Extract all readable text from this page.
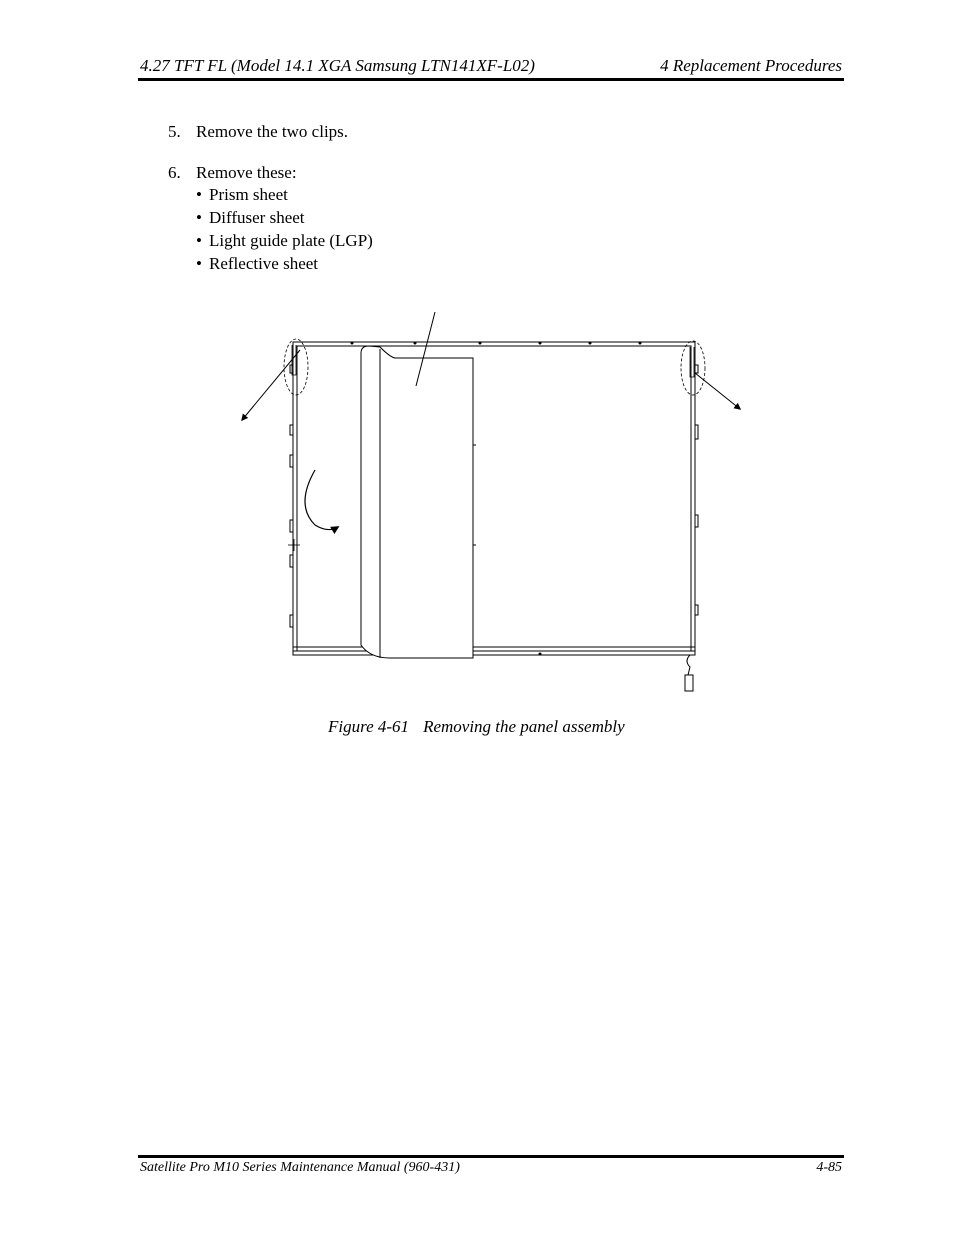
4.27 TFT FL (Model 14.1 XGA Samsung LTN141XF-L02)	4 Replacement Procedures
5. Remove the two clips.
6. Remove these:
• Prism sheet
• Diffuser sheet
• Light guide plate (LGP)
• Reflective sheet
Figure 4-61 Removing the panel assembly
Satellite Pro M10 Series Maintenance Manual (960-431)	4-85
